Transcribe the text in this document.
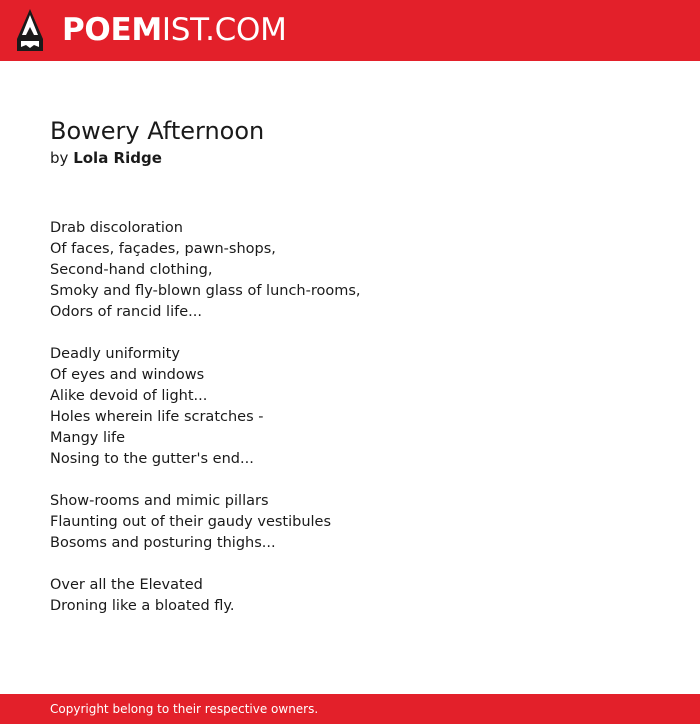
POEMIST.COM
Bowery Afternoon
by Lola Ridge
Drab discoloration
Of faces, façades, pawn-shops,
Second-hand clothing,
Smoky and fly-blown glass of lunch-rooms,
Odors of rancid life...
Deadly uniformity
Of eyes and windows
Alike devoid of light...
Holes wherein life scratches -
Mangy life
Nosing to the gutter's end...
Show-rooms and mimic pillars
Flaunting out of their gaudy vestibules
Bosoms and posturing thighs...
Over all the Elevated
Droning like a bloated fly.
Copyright belong to their respective owners.
